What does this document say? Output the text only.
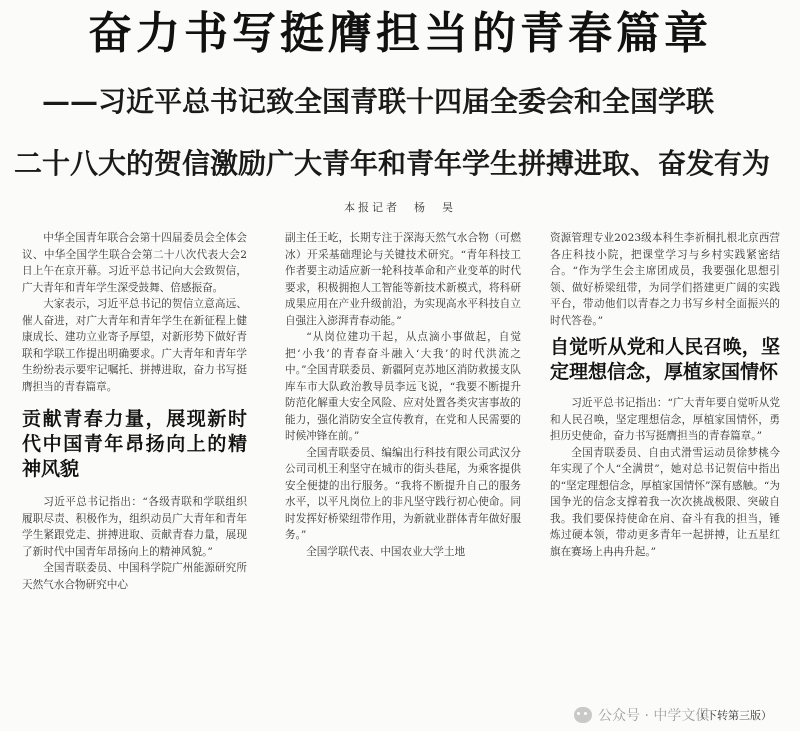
奋力书写挺膺担当的青春篇章
——习近平总书记致全国青联十四届全委会和全国学联
二十八大的贺信激励广大青年和青年学生拼搏进取、奋发有为
本报记者　杨　昊

中华全国青年联合会第十四届委员会全体会议、中华全国学生联合会第二十八次代表大会2日上午在京开幕。习近平总书记向大会致贺信，广大青年和青年学生深受鼓舞、倍感振奋。

大家表示，习近平总书记的贺信立意高远、催人奋进，对广大青年和青年学生在新征程上健康成长、建功立业寄予厚望，对新形势下做好青联和学联工作提出明确要求。广大青年和青年学生纷纷表示要牢记嘱托、拼搏进取，奋力书写挺膺担当的青春篇章。

贡献青春力量，展现新时代中国青年昂扬向上的精神风貌

习近平总书记指出：“各级青联和学联组织履职尽责、积极作为，组织动员广大青年和青年学生紧跟党走、拼搏进取、贡献青春力量，展现了新时代中国青年昂扬向上的精神风貌。”

全国青联委员、中国科学院广州能源研究所天然气水合物研究中心

副主任王屹，长期专注于深海天然气水合物（可燃冰）开采基础理论与关键技术研究。“青年科技工作者要主动适应新一轮科技革命和产业变革的时代要求，积极拥抱人工智能等新技术新模式，将科研成果应用在产业升级前沿，为实现高水平科技自立自强注入澎湃青春动能。”

“从岗位建功干起，从点滴小事做起，自觉把‘小我’的青春奋斗融入‘大我’的时代洪流之中。”全国青联委员、新疆阿克苏地区消防救援支队库车市大队政治教导员李远飞说，“我要不断提升防范化解重大安全风险、应对处置各类灾害事故的能力，强化消防安全宣传教育，在党和人民需要的时候冲锋在前。”

全国青联委员、编编出行科技有限公司武汉分公司司机王利坚守在城市的街头巷尾，为乘客提供安全便捷的出行服务。“我将不断提升自己的服务水平，以平凡岗位上的非凡坚守践行初心使命。同时发挥好桥梁纽带作用，为新就业群体青年做好服务。”

全国学联代表、中国农业大学土地

资源管理专业2023级本科生李祈桐扎根北京西营各庄科技小院，把课堂学习与乡村实践紧密结合。“作为学生会主席团成员，我要强化思想引领、做好桥梁纽带，为同学们搭建更广阔的实践平台，带动他们以青春之力书写乡村全面振兴的时代答卷。”

自觉听从党和人民召唤，坚定理想信念，厚植家国情怀

习近平总书记指出：“广大青年要自觉听从党和人民召唤，坚定理想信念，厚植家国情怀，勇担历史使命，奋力书写挺膺担当的青春篇章。”

全国青联委员、自由式滑雪运动员徐梦桃今年实现了个人“全满贯”，她对总书记贺信中指出的“坚定理想信念，厚植家国情怀”深有感触。“为国争光的信念支撑着我一次次挑战极限、突破自我。我们要保持使命在肩、奋斗有我的担当，锤炼过硬本领，带动更多青年一起拼搏，让五星红旗在赛场上冉冉升起。”

公众号 · 中学文俱
（下转第三版）
